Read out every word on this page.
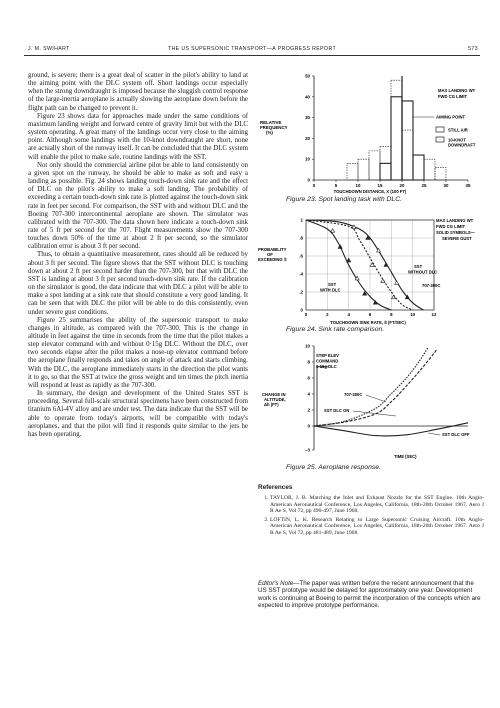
J. M. SWIHART	THE US SUPERSONIC TRANSPORT—A PROGRESS REPORT	573

ground, is severe; there is a great deal of scatter in the pilot's ability to land at the aiming point with the DLC system off. Short landings occur especially when the strong downdraught is imposed because the sluggish control response of the large-inertia aeroplane is actually slowing the aeroplane down before the flight path can be changed to prevent it.

Figure 23 shows data for approaches made under the same conditions of maximum landing weight and forward centre of gravity limit but with the DLC system operating. A great many of the landings occur very close to the aiming point. Although some landings with the 10-knot downdraught are short, none are actually short of the runway itself. It can be concluded that the DLC system will enable the pilot to make safe, routine landings with the SST.

Not only should the commercial airline pilot be able to land consistently on a given spot on the runway, he should be able to make as soft and easy a landing as possible. Fig. 24 shows landing touch-down sink rate and the effect of DLC on the pilot's ability to make a soft landing. The probability of exceeding a certain touch-down sink rate is plotted against the touch-down sink rate in feet per second. For comparison, the SST with and without DLC and the Boeing 707-300 intercontinental aeroplane are shown. The simulator was calibrated with the 707-300. The data shown here indicate a touch-down sink rate of 5 ft per second for the 707. Flight measurements show the 707-300 touches down 50% of the time at about 2 ft per second, so the simulator calibration error is about 3 ft per second.

Thus, to obtain a quantitative measurement, rates should all be reduced by about 3 ft per second. The figure shows that the SST without DLC is touching down at about 2 ft per second harder than the 707-300, but that with DLC the SST is landing at about 3 ft per second touch-down sink rate. If the calibration on the simulator is good, the data indicate that with DLC a pilot will be able to make a spot landing at a sink rate that should constitute a very good landing. It can be seen that with DLC the pilot will be able to do this consistently, even under severe gust conditions.

Figure 25 summarises the ability of the supersonic transport to make changes in altitude, as compared with the 707-300. This is the change in altitude in feet against the time in seconds from the time that the pilot makes a step elevator command with and without 0·15g DLC. Without the DLC, over two seconds elapse after the pilot makes a nose-up elevator command before the aeroplane finally responds and takes on angle of attack and starts climbing. With the DLC, the aeroplane immediately starts in the direction the pilot wants it to go, so that the SST at twice the gross weight and ten times the pitch inertia will respond at least as rapidly as the 707-300.

In summary, the design and development of the United States SST is proceeding. Several full-scale structural specimens have been constructed from titanium 6Al-4V alloy and are under test. The data indicate that the SST will be able to operate from today's airports, will be compatible with today's aeroplanes, and that the pilot will find it responds quite similar to the jets he has been operating.

0
10
20
30
40
50
0	5	10	15	20	25	30	35
RELATIVE
FREQUENCY
(%)
TOUCHDOWN DISTANCE, X (100 FT)
MAX LANDING WT
FWD CG LIMIT
AIMING POINT
STILL AIR
10-KNOT
DOWNDRAFT
Figure 23. Spot landing task with DLC.
0
.2
.4
.6
.8
1
0	2	4	6	8	10	12
PROBABILITY
OF
EXCEEDING Ṡ
TOUCHDOWN SINK RATE, Ṡ (FT/SEC)
MAX LANDING WT
FWD CG LIMIT
SOLID SYMBOLS—
SEVERE GUST
SST
WITHOUT DLC
707-300C
SST
WITH DLC
Figure 24. Sink rate comparison.
−3
0
2
4
6
8
10
CHANGE IN
ALTITUDE,
Δh (FT)
TIME (SEC)
STEP ELEV
COMMAND
0·15g DLC
707-300C
SST DLC ON
SST DLC OFF
Figure 25. Aeroplane response.
References
1. TAYLOR, J. B. Matching the Inlet and Exhaust Nozzle for the SST Engine. 10th Anglo-American Aeronautical Conference, Los Angeles, California, 18th-20th October 1967. Aero J R Ae S, Vol 72, pp 490-497, June 1968.
2. LOFTIN, L. K. Research Relating to Large Supersonic Cruising Aircraft. 10th Anglo-American Aeronautical Conference, Los Angeles, California, 18th-20th October 1967. Aero J R Ae S, Vol 72, pp 481-489, June 1968.
Editor's Note—The paper was written before the recent announcement that the US SST prototype would be delayed for approximately one year. Development work is continuing at Boeing to permit the incorporation of the concepts which are expected to improve prototype performance.
